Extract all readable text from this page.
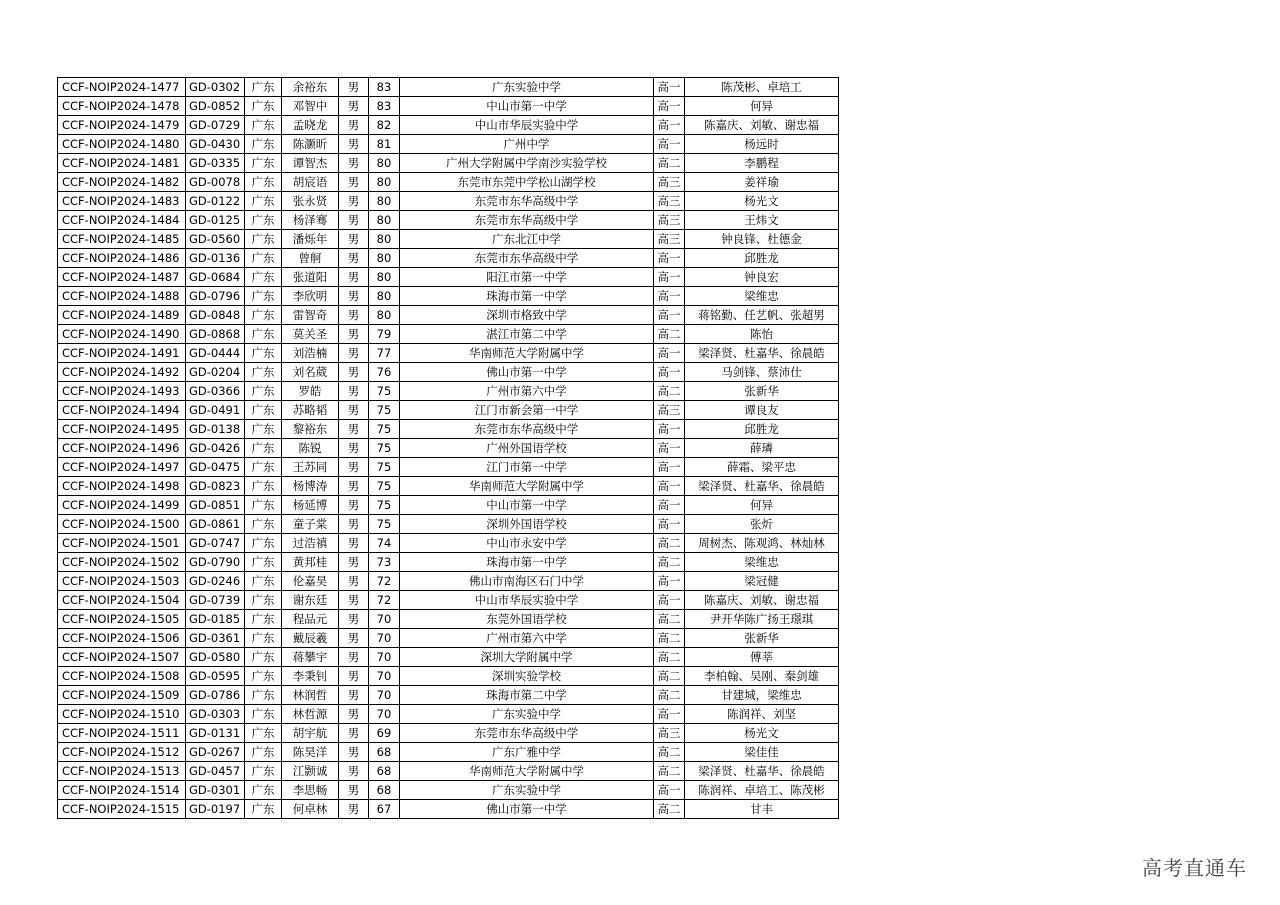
CCF-NOIP2024-1477	GD-0302	广东	余裕东	男	83	广东实验中学	高一	陈茂彬、卓培工
CCF-NOIP2024-1478	GD-0852	广东	邓智中	男	83	中山市第一中学	高一	何异
CCF-NOIP2024-1479	GD-0729	广东	孟晓龙	男	82	中山市华辰实验中学	高一	陈嘉庆、刘敏、谢忠福
CCF-NOIP2024-1480	GD-0430	广东	陈灏昕	男	81	广州中学	高一	杨远时
CCF-NOIP2024-1481	GD-0335	广东	谭智杰	男	80	广州大学附属中学南沙实验学校	高二	李鹏程
CCF-NOIP2024-1482	GD-0078	广东	胡宸语	男	80	东莞市东莞中学松山湖学校	高三	姜祥瑜
CCF-NOIP2024-1483	GD-0122	广东	张永贤	男	80	东莞市东华高级中学	高三	杨光文
CCF-NOIP2024-1484	GD-0125	广东	杨泽骞	男	80	东莞市东华高级中学	高三	王炜文
CCF-NOIP2024-1485	GD-0560	广东	潘烁年	男	80	广东北江中学	高三	钟良锋、杜德金
CCF-NOIP2024-1486	GD-0136	广东	曾舸	男	80	东莞市东华高级中学	高一	邱胜龙
CCF-NOIP2024-1487	GD-0684	广东	张道阳	男	80	阳江市第一中学	高一	钟良宏
CCF-NOIP2024-1488	GD-0796	广东	李欣明	男	80	珠海市第一中学	高一	梁维忠
CCF-NOIP2024-1489	GD-0848	广东	雷智奇	男	80	深圳市格致中学	高一	蒋铭勤、任艺帆、张超男
CCF-NOIP2024-1490	GD-0868	广东	莫关圣	男	79	湛江市第二中学	高二	陈怡
CCF-NOIP2024-1491	GD-0444	广东	刘浩楠	男	77	华南师范大学附属中学	高一	梁泽贤、杜嘉华、徐晨皓
CCF-NOIP2024-1492	GD-0204	广东	刘名葳	男	76	佛山市第一中学	高一	马剑锋、蔡沛仕
CCF-NOIP2024-1493	GD-0366	广东	罗皓	男	75	广州市第六中学	高二	张新华
CCF-NOIP2024-1494	GD-0491	广东	苏略韬	男	75	江门市新会第一中学	高三	谭良友
CCF-NOIP2024-1495	GD-0138	广东	黎裕东	男	75	东莞市东华高级中学	高一	邱胜龙
CCF-NOIP2024-1496	GD-0426	广东	陈锐	男	75	广州外国语学校	高一	薛璘
CCF-NOIP2024-1497	GD-0475	广东	王苏同	男	75	江门市第一中学	高一	薛霜、梁平忠
CCF-NOIP2024-1498	GD-0823	广东	杨博涛	男	75	华南师范大学附属中学	高一	梁泽贤、杜嘉华、徐晨皓
CCF-NOIP2024-1499	GD-0851	广东	杨延博	男	75	中山市第一中学	高一	何异
CCF-NOIP2024-1500	GD-0861	广东	童子棠	男	75	深圳外国语学校	高一	张炘
CCF-NOIP2024-1501	GD-0747	广东	过浩禛	男	74	中山市永安中学	高二	周树杰、陈观鸿、林灿林
CCF-NOIP2024-1502	GD-0790	广东	黄邦桂	男	73	珠海市第一中学	高二	梁维忠
CCF-NOIP2024-1503	GD-0246	广东	伦嘉昊	男	72	佛山市南海区石门中学	高一	梁冠健
CCF-NOIP2024-1504	GD-0739	广东	谢东廷	男	72	中山市华辰实验中学	高一	陈嘉庆、刘敏、谢忠福
CCF-NOIP2024-1505	GD-0185	广东	程品元	男	70	东莞外国语学校	高二	尹开华陈广扬王璟琪
CCF-NOIP2024-1506	GD-0361	广东	戴辰羲	男	70	广州市第六中学	高二	张新华
CCF-NOIP2024-1507	GD-0580	广东	蒋攀宇	男	70	深圳大学附属中学	高二	傅莘
CCF-NOIP2024-1508	GD-0595	广东	李秉钊	男	70	深圳实验学校	高二	李柏翰、吴刚、秦剑雄
CCF-NOIP2024-1509	GD-0786	广东	林润哲	男	70	珠海市第二中学	高二	甘建城，梁维忠
CCF-NOIP2024-1510	GD-0303	广东	林哲源	男	70	广东实验中学	高一	陈润祥、刘坚
CCF-NOIP2024-1511	GD-0131	广东	胡宇航	男	69	东莞市东华高级中学	高三	杨光文
CCF-NOIP2024-1512	GD-0267	广东	陈昊洋	男	68	广东广雅中学	高二	梁佳佳
CCF-NOIP2024-1513	GD-0457	广东	江颢诚	男	68	华南师范大学附属中学	高二	梁泽贤、杜嘉华、徐晨皓
CCF-NOIP2024-1514	GD-0301	广东	李思畅	男	68	广东实验中学	高一	陈润祥、卓培工、陈茂彬
CCF-NOIP2024-1515	GD-0197	广东	何卓林	男	67	佛山市第一中学	高二	甘丰
高考直通车
